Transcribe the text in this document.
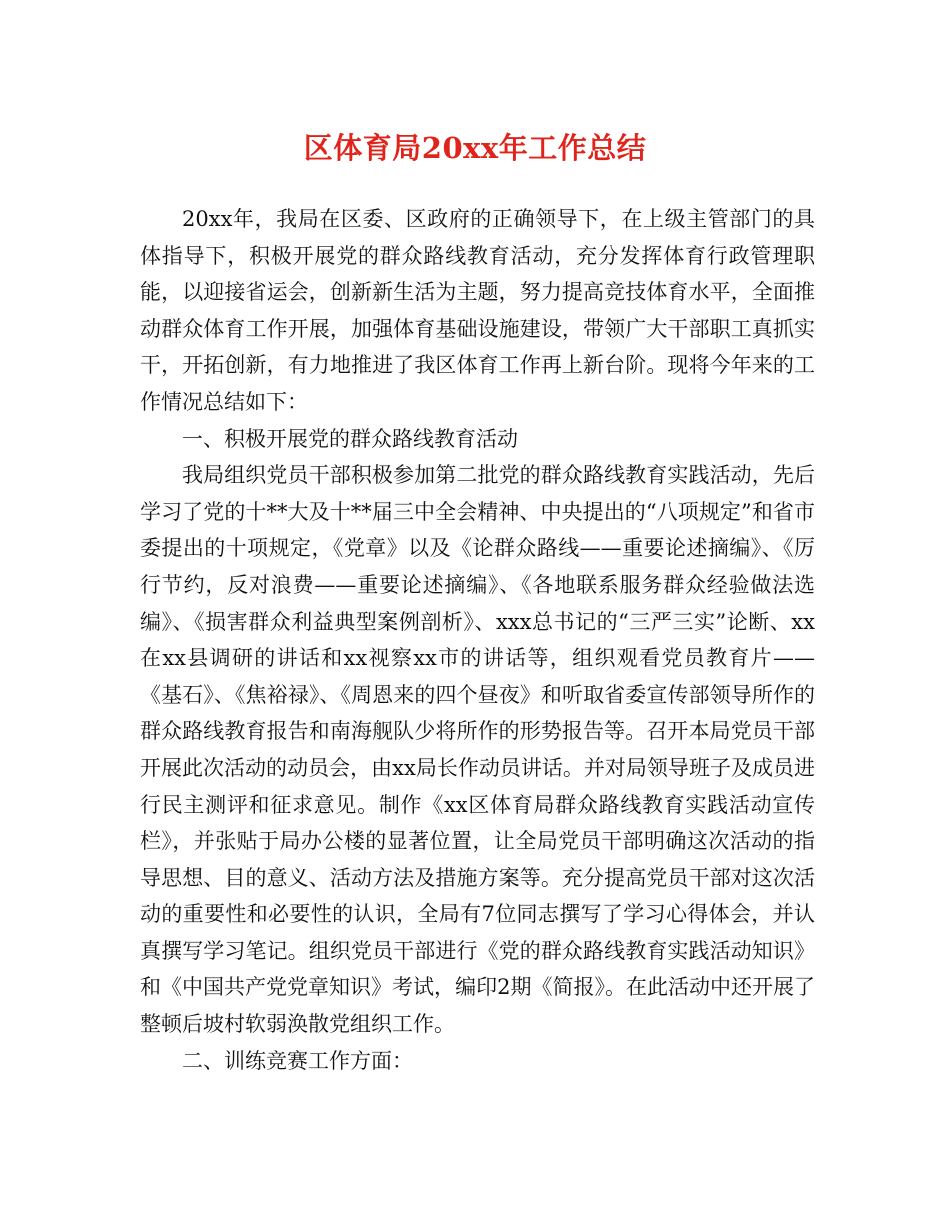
区体育局20xx年工作总结

20xx年，我局在区委、区政府的正确领导下，在上级主管部门的具体指导下，积极开展党的群众路线教育活动，充分发挥体育行政管理职能，以迎接省运会，创新新生活为主题，努力提高竞技体育水平，全面推动群众体育工作开展，加强体育基础设施建设，带领广大干部职工真抓实干，开拓创新，有力地推进了我区体育工作再上新台阶。现将今年来的工作情况总结如下：

一、积极开展党的群众路线教育活动

我局组织党员干部积极参加第二批党的群众路线教育实践活动，先后学习了党的十**大及十**届三中全会精神、中央提出的“八项规定”和省市委提出的十项规定，《党章》以及《论群众路线——重要论述摘编》、《厉行节约，反对浪费——重要论述摘编》、《各地联系服务群众经验做法选编》、《损害群众利益典型案例剖析》、xxx总书记的“三严三实”论断、xx在xx县调研的讲话和xx视察xx市的讲话等，组织观看党员教育片——《基石》、《焦裕禄》、《周恩来的四个昼夜》和听取省委宣传部领导所作的群众路线教育报告和南海舰队少将所作的形势报告等。召开本局党员干部开展此次活动的动员会，由xx局长作动员讲话。并对局领导班子及成员进行民主测评和征求意见。制作《xx区体育局群众路线教育实践活动宣传栏》，并张贴于局办公楼的显著位置，让全局党员干部明确这次活动的指导思想、目的意义、活动方法及措施方案等。充分提高党员干部对这次活动的重要性和必要性的认识，全局有7位同志撰写了学习心得体会，并认真撰写学习笔记。组织党员干部进行《党的群众路线教育实践活动知识》和《中国共产党党章知识》考试，编印2期《简报》。在此活动中还开展了整顿后坡村软弱涣散党组织工作。

二、训练竞赛工作方面：
